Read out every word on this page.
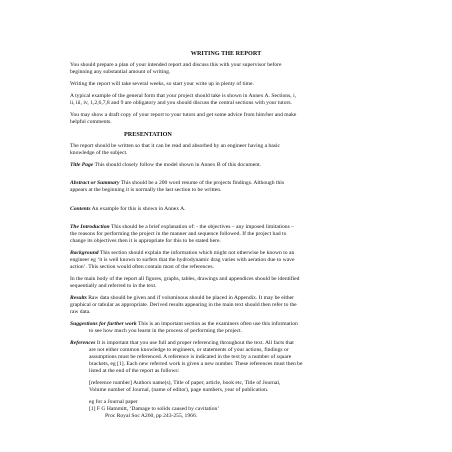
WRITING THE REPORT
You should prepare a plan of your intended report and discuss this with your supervisor before
beginning any substantial amount of writing.
Writing the report will take several weeks, so start your write up in plenty of time.
A typical example of the general form that your project should take is shown in Annex A. Sections, i,
ii, iii, iv, 1,2,6,7,8 and 9 are obligatory and you should discuss the central sections with your tutors.
You may show a draft copy of your report to your tutors and get some advice from him/her and make
helpful comments.
PRESENTATION
The report should be written so that it can be read and absorbed by an engineer having a basic
knowledge of the subject.
Title Page This should closely follow the model shown in Annex B of this document.
Abstract or Summary This should be a 200 word resume of the projects findings. Although this
appears at the beginning it is normally the last section to be written.
Contents An example for this is shown in Annex A.
The Introduction This should be a brief explanation of: - the objectives – any imposed limitations –
the reasons for performing the project in the manner and sequence followed. If the project had to
change its objectives then it is appropriate for this to be stated here.
Background This section should explain the information which might not otherwise be known to an
engineer eg ‘it is well known to surfers that the hydrodynamic drag varies with aeration due to wave
action’. This section would often contain most of the references.
In the main body of the report all figures, graphs, tables, drawings and appendices should be identified
sequentially and referred to in the text.
Results Raw data should be given and if voluminous should be placed in Appendix. It may be either
graphical or tabular as appropriate. Derived results appearing in the main text should then refer to the
raw data.
Suggestions for further work This is an important section as the examiners often use this information
to see how much you learnt in the process of performing the project.
References It is important that you use full and proper referencing throughout the text. All facts that
are not either common knowledge to engineers, or statements of your actions, findings or
assumptions must be referenced. A reference is indicated in the text by a number of square
brackets, eg [1]. Each new referred work is given a new number. These references must then be
listed at the end of the report as follows:
[reference number] Authors name(s), Title of paper, article, book etc, Title of Journal,
Volume number of Journal, (name of editor), page numbers, year of publication.
eg for a Journal paper
[1] F G Hammitt, ‘Damage to solids caused by cavitation’
Proc Royal Soc A260, pp 243-255, 1966.
